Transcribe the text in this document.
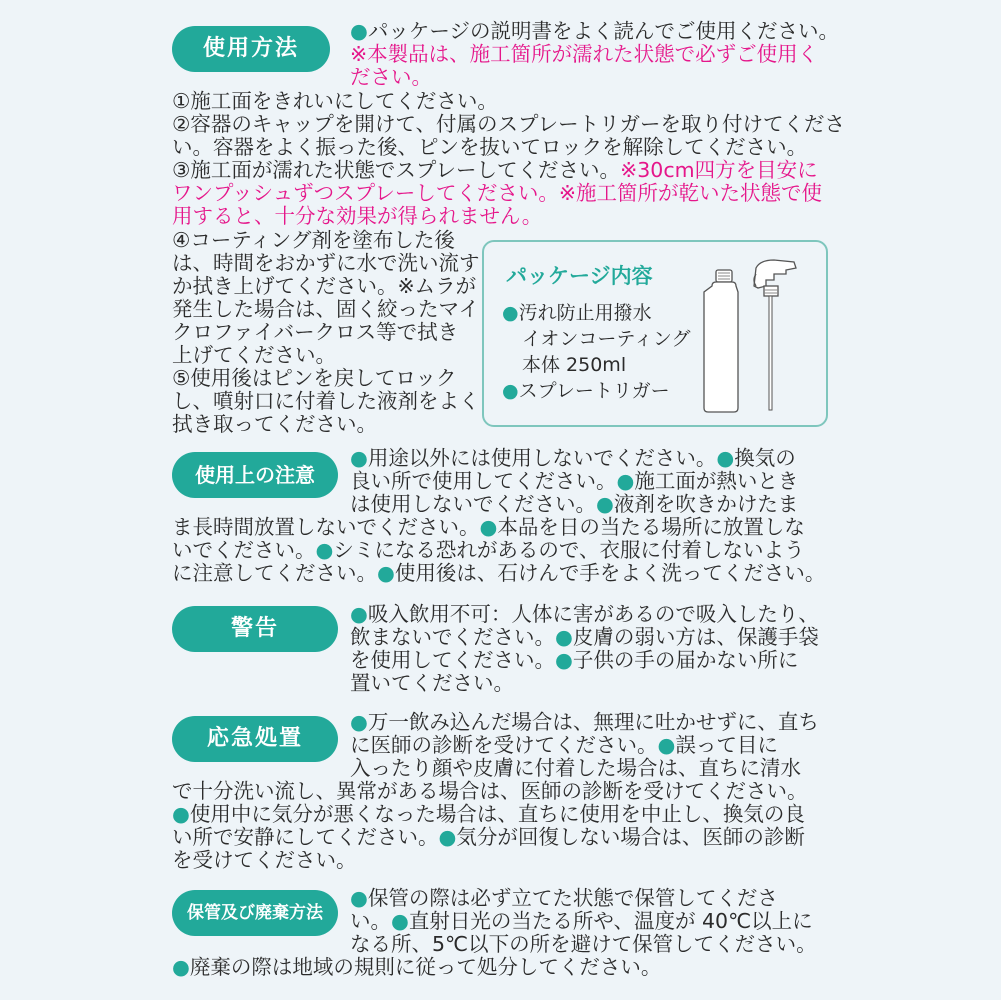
使用方法
●パッケージの説明書をよく読んでご使用ください。
※本製品は、施工箇所が濡れた状態で必ずご使用く
ださい。
①施工面をきれいにしてください。
②容器のキャップを開けて、付属のスプレートリガーを取り付けてくださ
い。容器をよく振った後、ピンを抜いてロックを解除してください。
③施工面が濡れた状態でスプレーしてください。※30cm四方を目安に
ワンプッシュずつスプレーしてください。※施工箇所が乾いた状態で使
用すると、十分な効果が得られません。
④コーティング剤を塗布した後
は、時間をおかずに水で洗い流す
か拭き上げてください。※ムラが
発生した場合は、固く絞ったマイ
クロファイバークロス等で拭き
上げてください。
⑤使用後はピンを戻してロック
し、噴射口に付着した液剤をよく
拭き取ってください。
パッケージ内容
●汚れ防止用撥水
イオンコーティング
本体 250ml
●スプレートリガー
使用上の注意
●用途以外には使用しないでください。●換気の
良い所で使用してください。●施工面が熱いとき
は使用しないでください。●液剤を吹きかけたま
ま長時間放置しないでください。●本品を日の当たる場所に放置しな
いでください。●シミになる恐れがあるので、衣服に付着しないよう
に注意してください。●使用後は、石けんで手をよく洗ってください。
警告
●吸入飲用不可：人体に害があるので吸入したり、
飲まないでください。●皮膚の弱い方は、保護手袋
を使用してください。●子供の手の届かない所に
置いてください。
応急処置
●万一飲み込んだ場合は、無理に吐かせずに、直ち
に医師の診断を受けてください。●誤って目に
入ったり顔や皮膚に付着した場合は、直ちに清水
で十分洗い流し、異常がある場合は、医師の診断を受けてください。
●使用中に気分が悪くなった場合は、直ちに使用を中止し、換気の良
い所で安静にしてください。●気分が回復しない場合は、医師の診断
を受けてください。
保管及び廃棄方法
●保管の際は必ず立てた状態で保管してくださ
い。●直射日光の当たる所や、温度が 40℃以上に
なる所、5℃以下の所を避けて保管してください。
●廃棄の際は地域の規則に従って処分してください。
